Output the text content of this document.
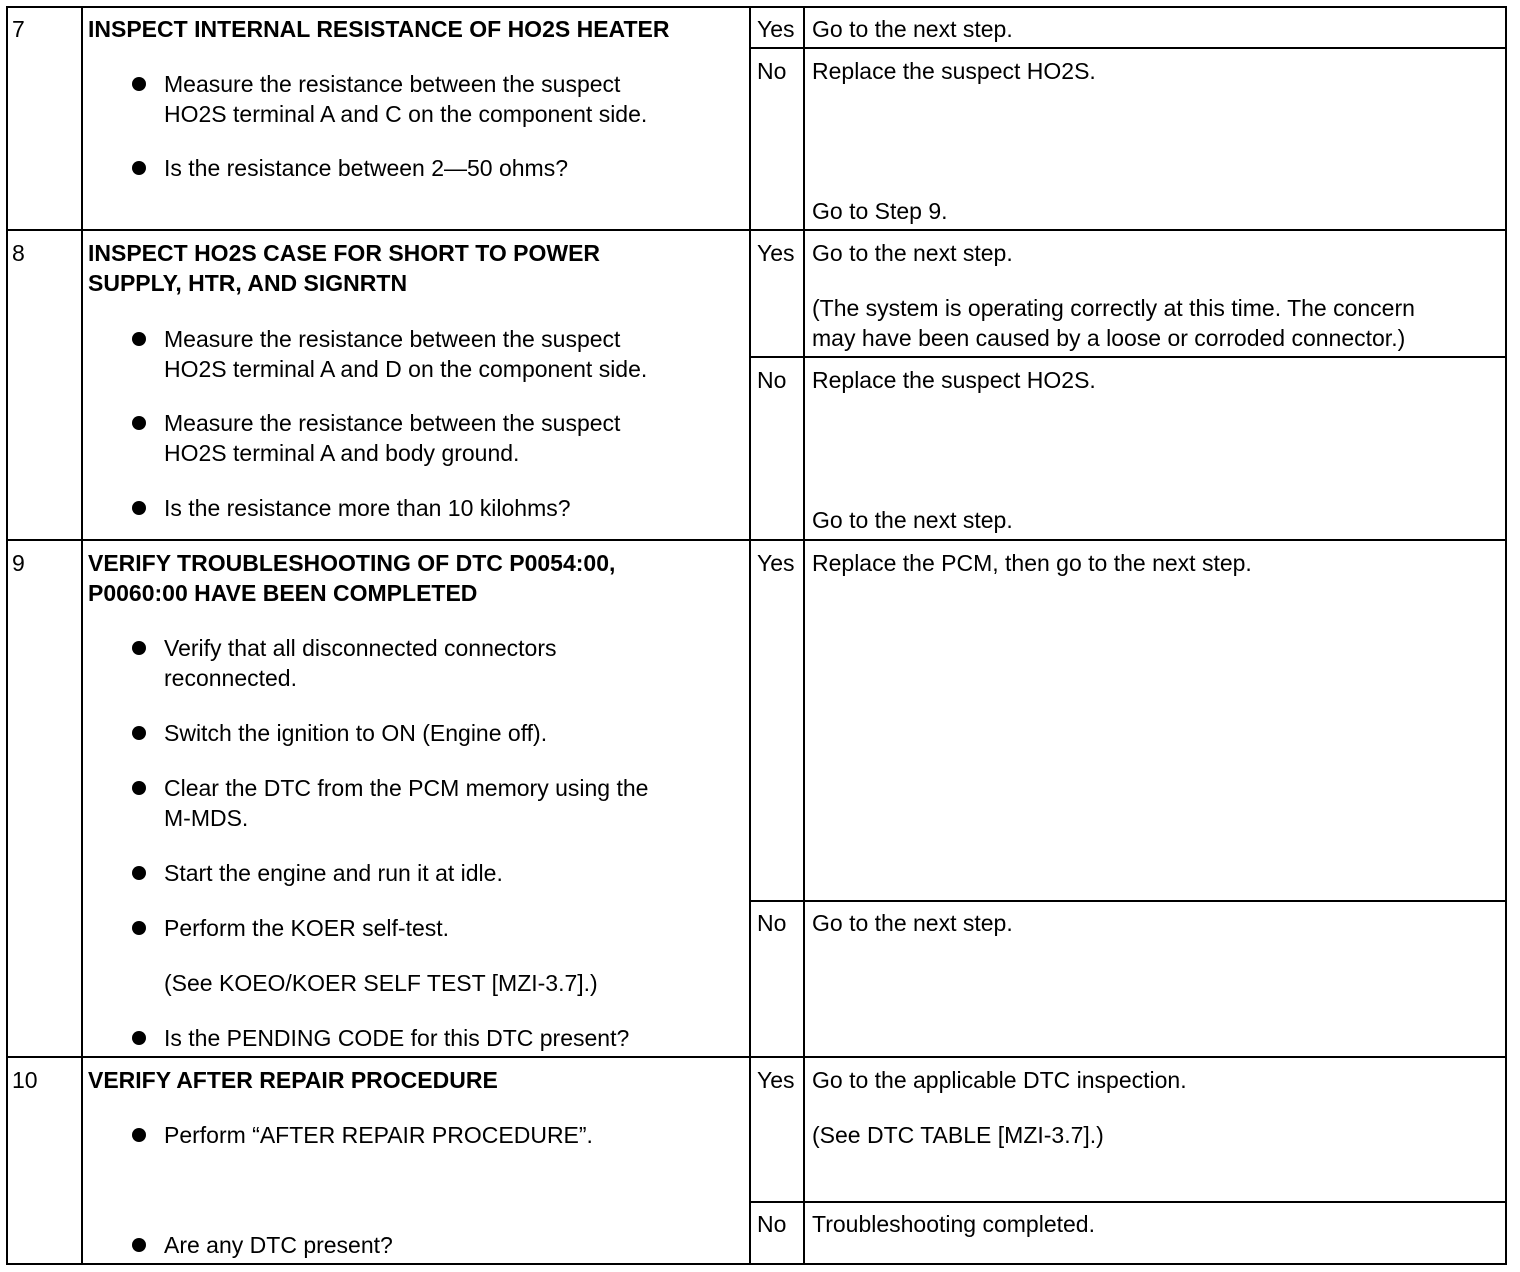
7	INSPECT INTERNAL RESISTANCE OF HO2S HEATER
Measure the resistance between the suspect
HO2S terminal A and C on the component side.
Is the resistance between 2—50 ohms?
Yes Go to the next step.
No Replace the suspect HO2S.
Go to Step 9.
8	INSPECT HO2S CASE FOR SHORT TO POWER
SUPPLY, HTR, AND SIGNRTN
Measure the resistance between the suspect
HO2S terminal A and D on the component side.
Measure the resistance between the suspect
HO2S terminal A and body ground.
Is the resistance more than 10 kilohms?
Yes Go to the next step.
(The system is operating correctly at this time. The concern
may have been caused by a loose or corroded connector.)
No Replace the suspect HO2S.
Go to the next step.
9	VERIFY TROUBLESHOOTING OF DTC P0054:00,
P0060:00 HAVE BEEN COMPLETED
Verify that all disconnected connectors
reconnected.
Switch the ignition to ON (Engine off).
Clear the DTC from the PCM memory using the
M-MDS.
Start the engine and run it at idle.
Perform the KOER self-test.
(See KOEO/KOER SELF TEST [MZI-3.7].)
Is the PENDING CODE for this DTC present?
Yes Replace the PCM, then go to the next step.
No Go to the next step.
10 VERIFY AFTER REPAIR PROCEDURE
Perform “AFTER REPAIR PROCEDURE”.
Are any DTC present?
Yes Go to the applicable DTC inspection.
(See DTC TABLE [MZI-3.7].)
No Troubleshooting completed.
